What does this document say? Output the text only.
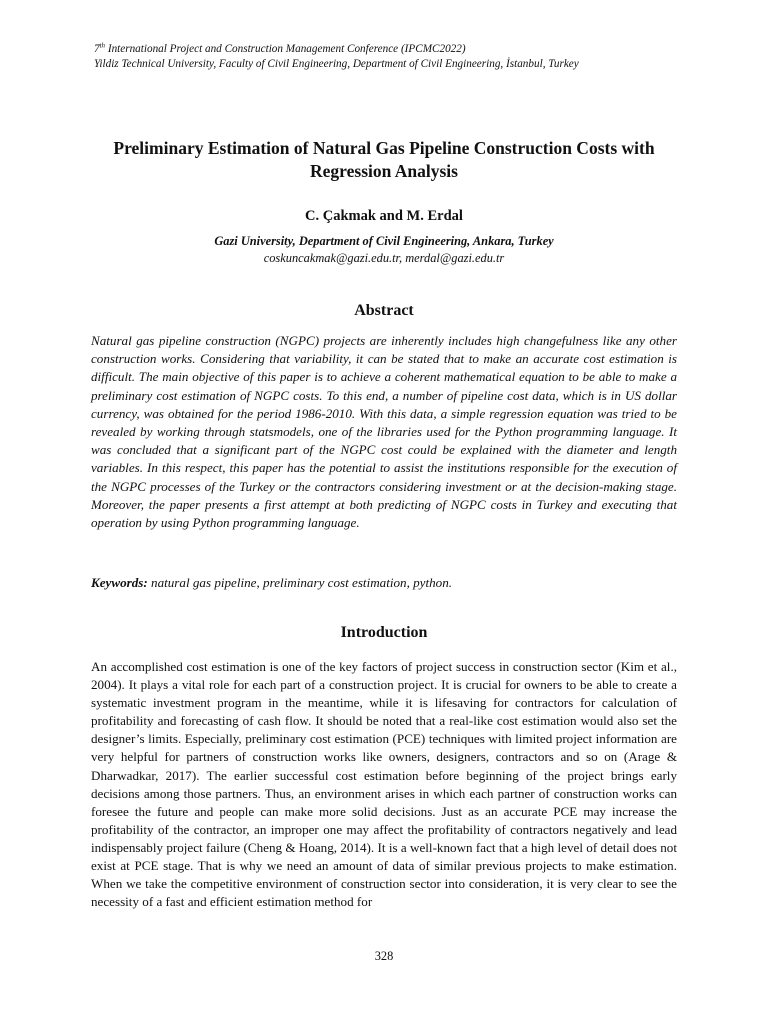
7th International Project and Construction Management Conference (IPCMC2022)
Yildiz Technical University, Faculty of Civil Engineering, Department of Civil Engineering, İstanbul, Turkey
Preliminary Estimation of Natural Gas Pipeline Construction Costs with Regression Analysis
C. Çakmak and M. Erdal
Gazi University, Department of Civil Engineering, Ankara, Turkey
coskuncakmak@gazi.edu.tr, merdal@gazi.edu.tr
Abstract
Natural gas pipeline construction (NGPC) projects are inherently includes high changefulness like any other construction works. Considering that variability, it can be stated that to make an accurate cost estimation is difficult. The main objective of this paper is to achieve a coherent mathematical equation to be able to make a preliminary cost estimation of NGPC costs. To this end, a number of pipeline cost data, which is in US dollar currency, was obtained for the period 1986-2010. With this data, a simple regression equation was tried to be revealed by working through statsmodels, one of the libraries used for the Python programming language. It was concluded that a significant part of the NGPC cost could be explained with the diameter and length variables. In this respect, this paper has the potential to assist the institutions responsible for the execution of the NGPC processes of the Turkey or the contractors considering investment or at the decision-making stage. Moreover, the paper presents a first attempt at both predicting of NGPC costs in Turkey and executing that operation by using Python programming language.
Keywords: natural gas pipeline, preliminary cost estimation, python.
Introduction
An accomplished cost estimation is one of the key factors of project success in construction sector (Kim et al., 2004). It plays a vital role for each part of a construction project. It is crucial for owners to be able to create a systematic investment program in the meantime, while it is lifesaving for contractors for calculation of profitability and forecasting of cash flow. It should be noted that a real-like cost estimation would also set the designer’s limits. Especially, preliminary cost estimation (PCE) techniques with limited project information are very helpful for partners of construction works like owners, designers, contractors and so on (Arage & Dharwadkar, 2017). The earlier successful cost estimation before beginning of the project brings early decisions among those partners. Thus, an environment arises in which each partner of construction works can foresee the future and people can make more solid decisions. Just as an accurate PCE may increase the profitability of the contractor, an improper one may affect the profitability of contractors negatively and lead indispensably project failure (Cheng & Hoang, 2014). It is a well-known fact that a high level of detail does not exist at PCE stage. That is why we need an amount of data of similar previous projects to make estimation. When we take the competitive environment of construction sector into consideration, it is very clear to see the necessity of a fast and efficient estimation method for
328
